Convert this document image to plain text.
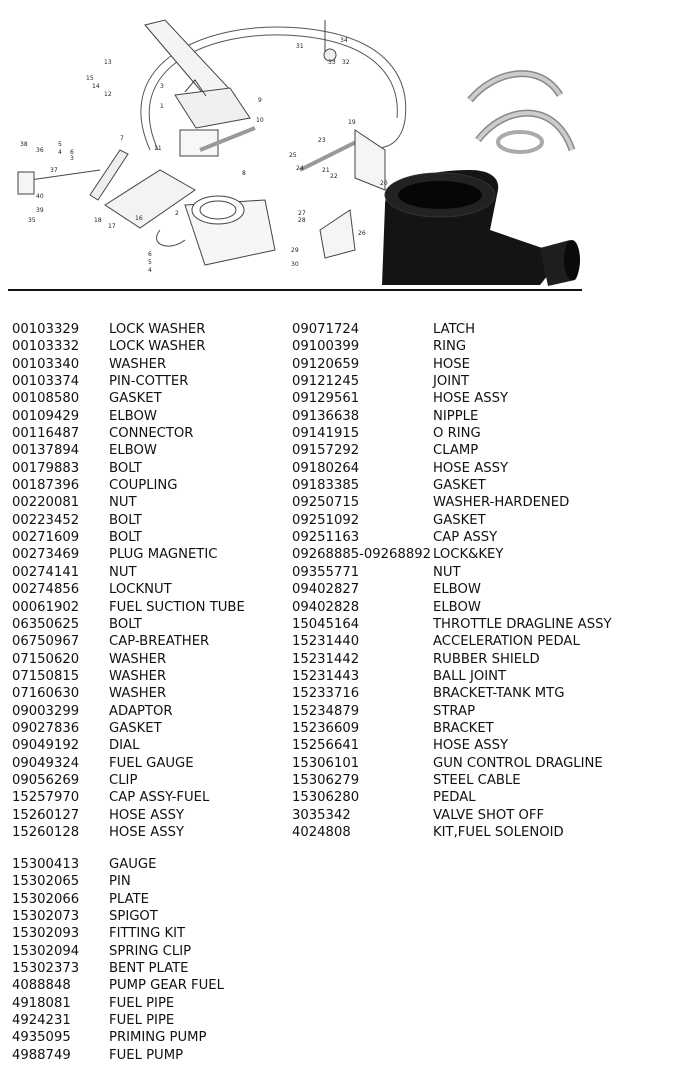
1
2
3
4
5
6
7
8
9
10
11
12
13
14
15
16
17
18
19
20
21
22
23
24
25
26
27
28
29
30
31
32
33
34
35
36
37
38
39
40
3
4
5
6
00103329 LOCK WASHER
00103332 LOCK WASHER
00103340 WASHER
00103374 PIN-COTTER
00108580 GASKET
00109429 ELBOW
00116487 CONNECTOR
00137894 ELBOW
00179883 BOLT
00187396 COUPLING
00220081 NUT
00223452 BOLT
00271609 BOLT
00273469 PLUG MAGNETIC
00274141 NUT
00274856 LOCKNUT
00061902 FUEL SUCTION TUBE
06350625 BOLT
06750967 CAP-BREATHER
07150620 WASHER
07150815 WASHER
07160630 WASHER
09003299 ADAPTOR
09027836 GASKET
09049192 DIAL
09049324 FUEL GAUGE
09056269 CLIP
15257970 CAP ASSY-FUEL
15260127 HOSE ASSY
15260128 HOSE ASSY
09071724	LATCH
09100399	RING
09120659	HOSE
09121245	JOINT
09129561	HOSE ASSY
09136638	NIPPLE
09141915	O RING
09157292	CLAMP
09180264	HOSE ASSY
09183385	GASKET
09250715	WASHER-HARDENED
09251092	GASKET
09251163	CAP ASSY
09268885-09268892 LOCK&KEY
09355771	NUT
09402827	ELBOW
09402828	ELBOW
15045164	THROTTLE DRAGLINE ASSY
15231440	ACCELERATION PEDAL
15231442	RUBBER SHIELD
15231443	BALL JOINT
15233716	BRACKET-TANK MTG
15234879	STRAP
15236609	BRACKET
15256641	HOSE ASSY
15306101	GUN CONTROL DRAGLINE
15306279	STEEL CABLE
15306280	PEDAL
3035342	VALVE SHOT OFF
4024808	KIT,FUEL SOLENOID
15300413 GAUGE
15302065 PIN
15302066 PLATE
15302073 SPIGOT
15302093 FITTING KIT
15302094 SPRING CLIP
15302373 BENT PLATE
4088848	PUMP GEAR FUEL
4918081	FUEL PIPE
4924231	FUEL PIPE
4935095	PRIMING PUMP
4988749	FUEL PUMP
